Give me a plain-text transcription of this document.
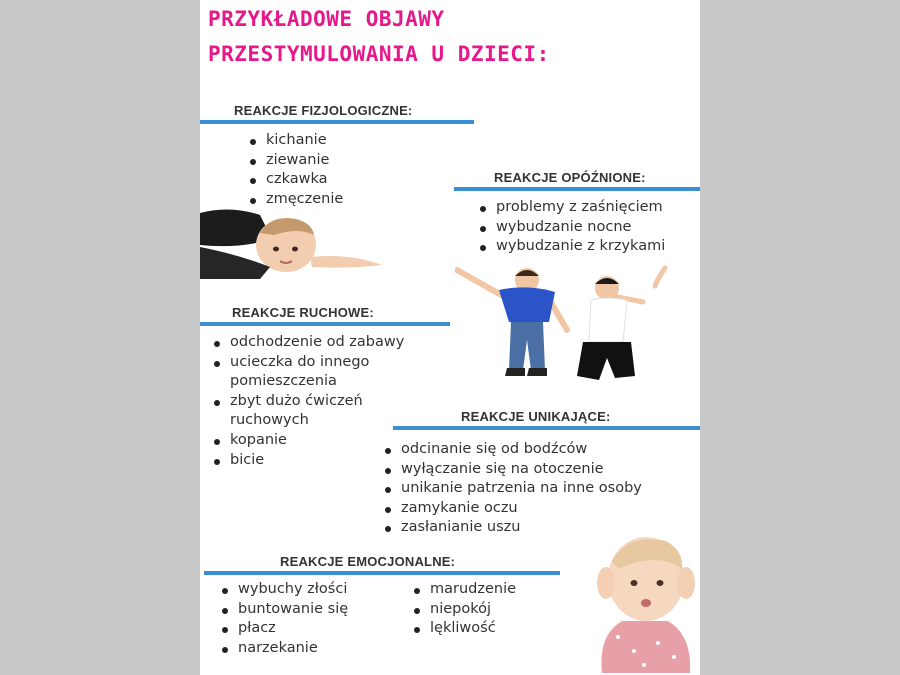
PRZYKŁADOWE OBJAWY
PRZESTYMULOWANIA U DZIECI:
REAKCJE FIZJOLOGICZNE:
kichanie
ziewanie
czkawka
zmęczenie
REAKCJE OPÓŹNIONE:
problemy z zaśnięciem
wybudzanie nocne
wybudzanie z krzykami
REAKCJE RUCHOWE:
odchodzenie od zabawy
ucieczka do innego
pomieszczenia
zbyt dużo ćwiczeń
ruchowych
kopanie
bicie
REAKCJE UNIKAJĄCE:
odcinanie się od bodźców
wyłączanie się na otoczenie
unikanie patrzenia na inne osoby
zamykanie oczu
zasłanianie uszu
REAKCJE EMOCJONALNE:
wybuchy złości
buntowanie się
płacz
narzekanie
marudzenie
niepokój
lękliwość
